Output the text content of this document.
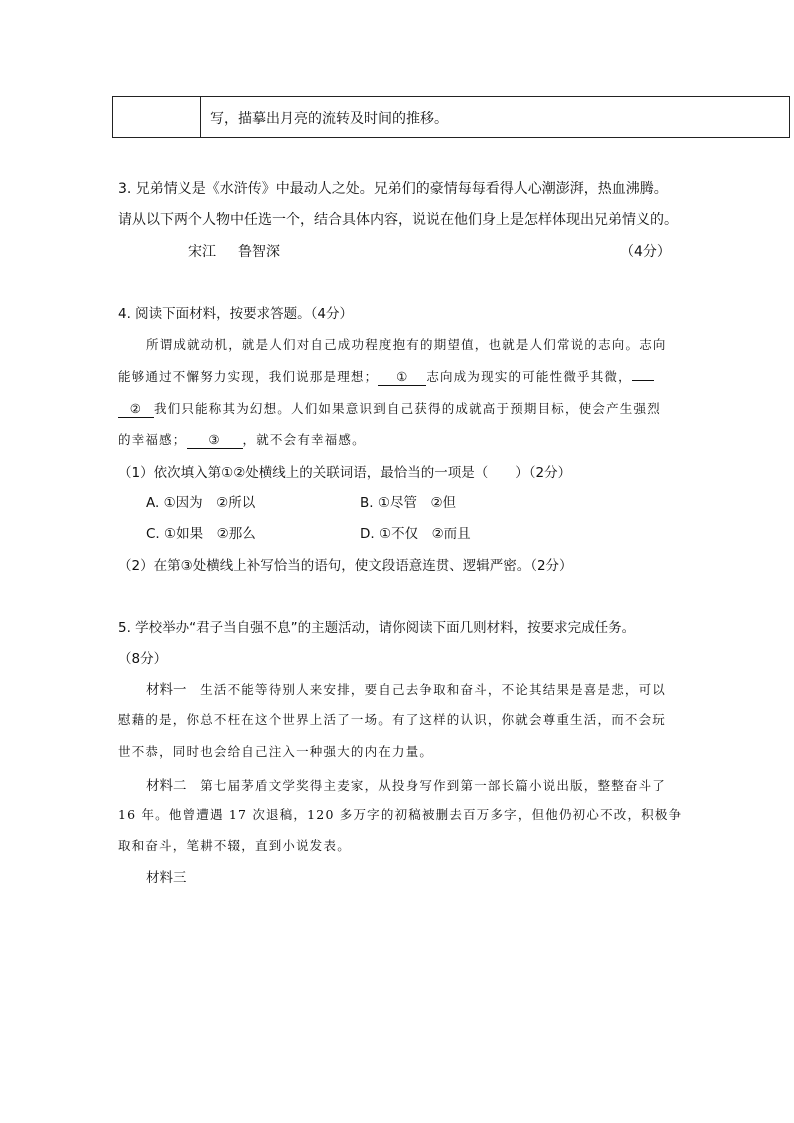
写，描摹出月亮的流转及时间的推移。
3. 兄弟情义是《水浒传》中最动人之处。兄弟们的豪情每每看得人心潮澎湃，热血沸腾。
请从以下两个人物中任选一个，结合具体内容，说说在他们身上是怎样体现出兄弟情义的。
宋江 鲁智深	（4分）
4. 阅读下面材料，按要求答题。（4分）
所谓成就动机，就是人们对自己成功程度抱有的期望值，也就是人们常说的志向。志向
能够通过不懈努力实现，我们说那是理想； ① 志向成为现实的可能性微乎其微，
② 我们只能称其为幻想。人们如果意识到自己获得的成就高于预期目标，使会产生强烈
的幸福感； ③ ，就不会有幸福感。
（1）依次填入第①②处横线上的关联词语，最恰当的一项是（　　）（2分）
A. ①因为　②所以	B. ①尽管　②但
C. ①如果　②那么	D. ①不仅　②而且
（2）在第③处横线上补写恰当的语句，使文段语意连贯、逻辑严密。（2分）
5. 学校举办“君子当自强不息”的主题活动，请你阅读下面几则材料，按要求完成任务。
（8分）
材料一　 生活不能等待别人来安排，要自己去争取和奋斗，不论其结果是喜是悲，可以
慰藉的是，你总不枉在这个世界上活了一场。有了这样的认识，你就会尊重生活，而不会玩
世不恭，同时也会给自己注入一种强大的内在力量。
材料二　 第七届茅盾文学奖得主麦家，从投身写作到第一部长篇小说出版，整整奋斗了
16 年。他曾遭遇 17 次退稿，120 多万字的初稿被删去百万多字，但他仍初心不改，积极争
取和奋斗，笔耕不辍，直到小说发表。
材料三
